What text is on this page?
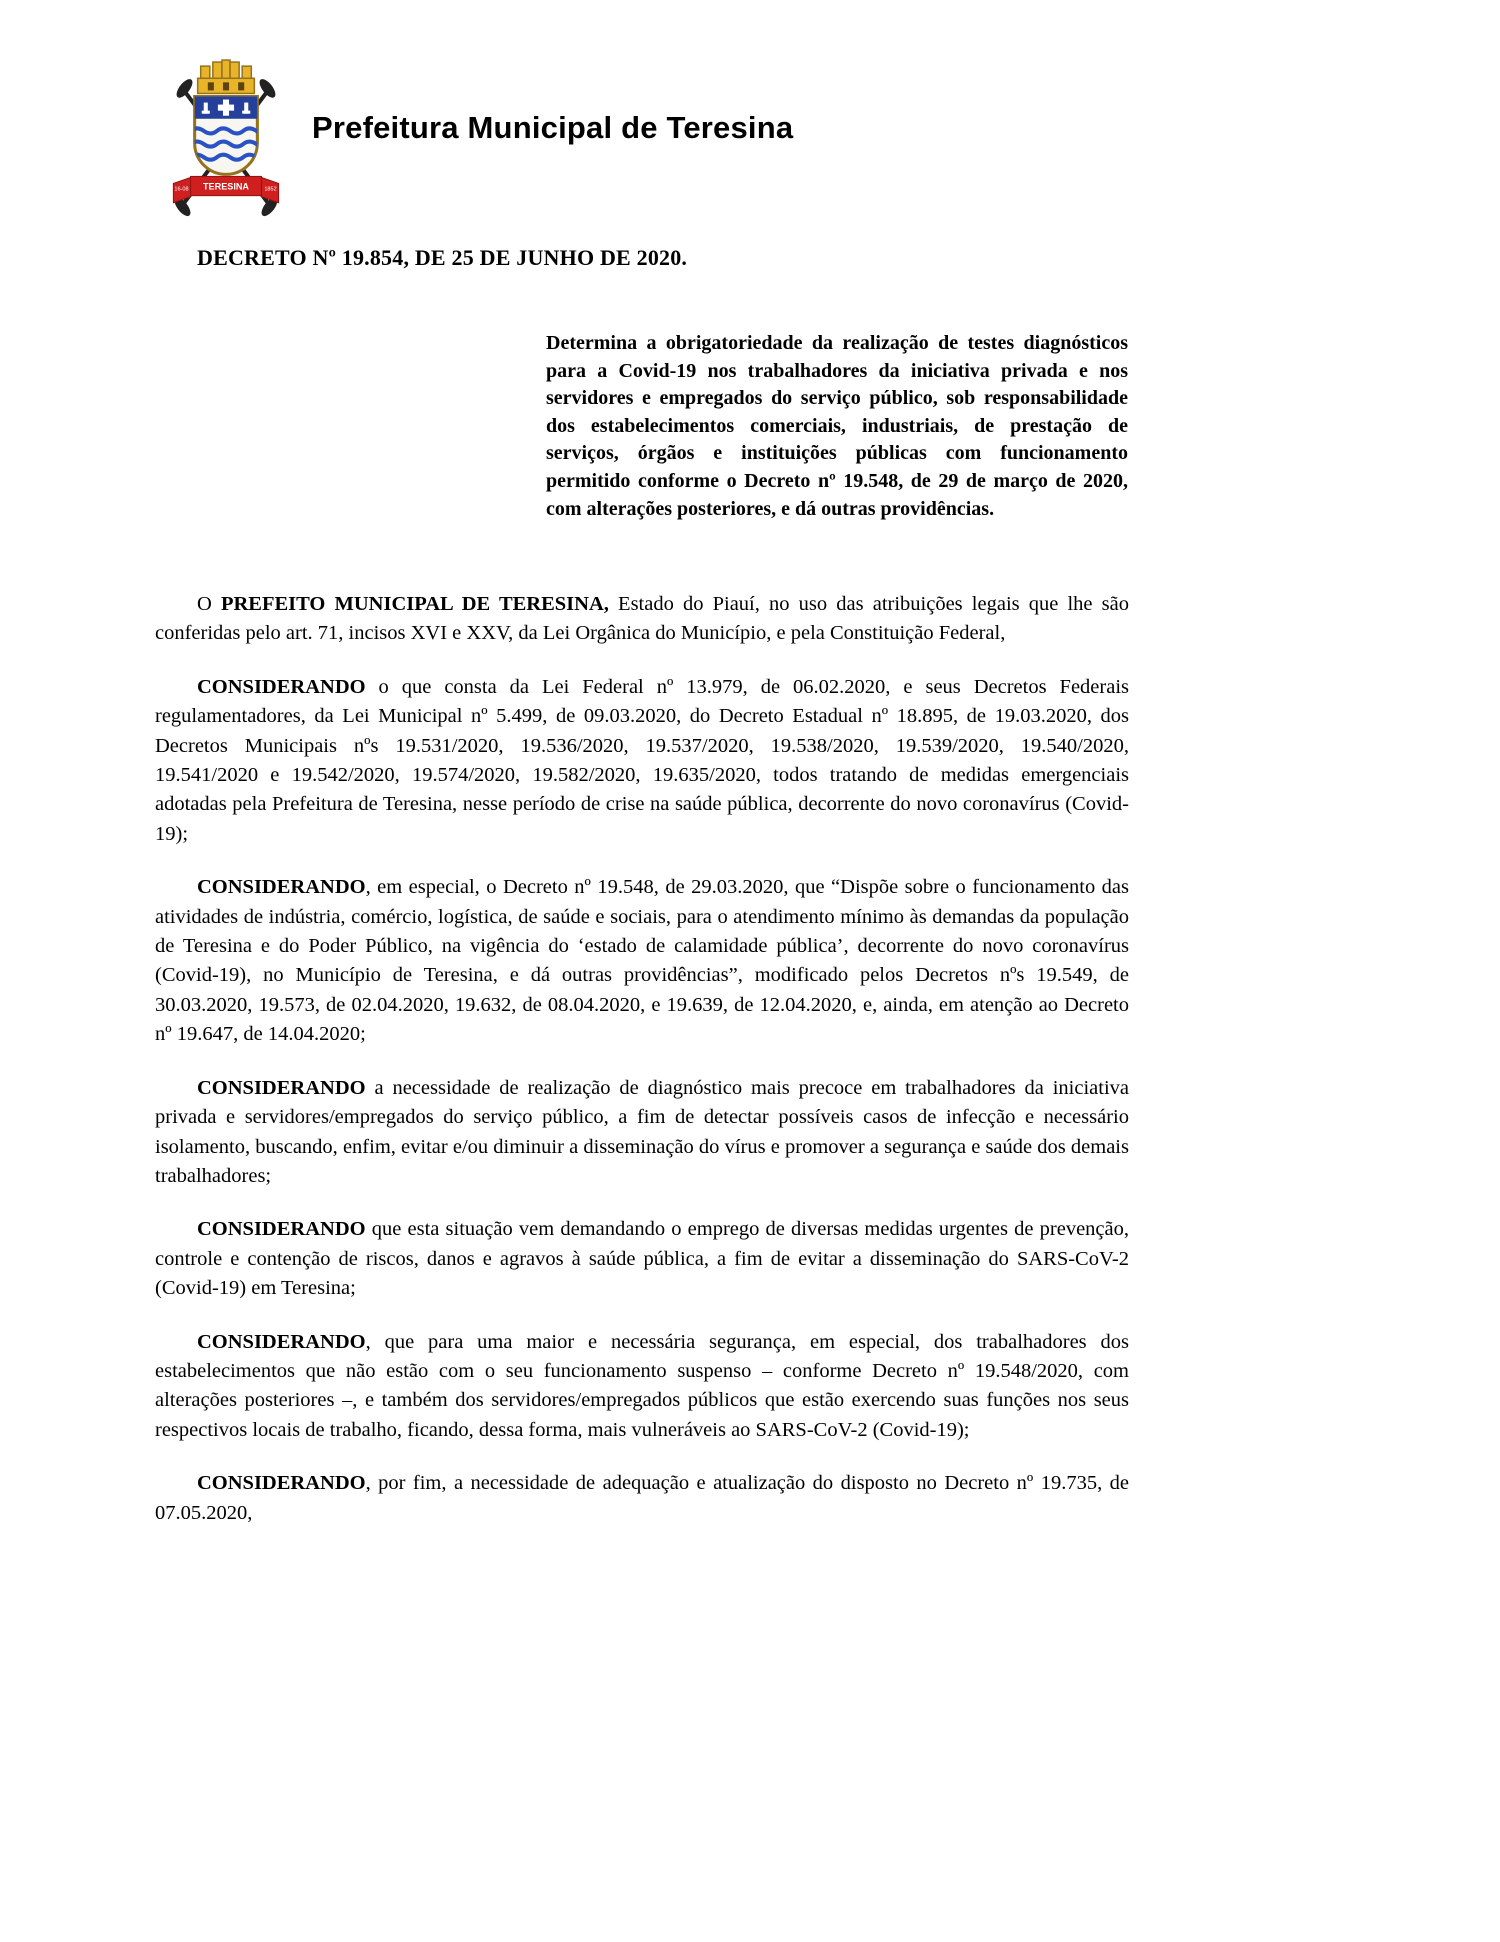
16-08 TERESINA	1852
Prefeitura Municipal de Teresina
DECRETO Nº 19.854, DE 25 DE JUNHO DE 2020.
Determina a obrigatoriedade da realização de testes diagnósticos para a Covid-19 nos trabalhadores da iniciativa privada e nos servidores e empregados do serviço público, sob responsabilidade dos estabelecimentos comerciais, industriais, de prestação de serviços, órgãos e instituições públicas com funcionamento permitido conforme o Decreto nº 19.548, de 29 de março de 2020, com alterações posteriores, e dá outras providências.

O PREFEITO MUNICIPAL DE TERESINA, Estado do Piauí, no uso das atribuições legais que lhe são conferidas pelo art. 71, incisos XVI e XXV, da Lei Orgânica do Município, e pela Constituição Federal,

CONSIDERANDO o que consta da Lei Federal nº 13.979, de 06.02.2020, e seus Decretos Federais regulamentadores, da Lei Municipal nº 5.499, de 09.03.2020, do Decreto Estadual nº 18.895, de 19.03.2020, dos Decretos Municipais nºs 19.531/2020, 19.536/2020, 19.537/2020, 19.538/2020, 19.539/2020, 19.540/2020, 19.541/2020 e 19.542/2020, 19.574/2020, 19.582/2020, 19.635/2020, todos tratando de medidas emergenciais adotadas pela Prefeitura de Teresina, nesse período de crise na saúde pública, decorrente do novo coronavírus (Covid-19);

CONSIDERANDO, em especial, o Decreto nº 19.548, de 29.03.2020, que “Dispõe sobre o funcionamento das atividades de indústria, comércio, logística, de saúde e sociais, para o atendimento mínimo às demandas da população de Teresina e do Poder Público, na vigência do ‘estado de calamidade pública’, decorrente do novo coronavírus (Covid-19), no Município de Teresina, e dá outras providências”, modificado pelos Decretos nºs 19.549, de 30.03.2020, 19.573, de 02.04.2020, 19.632, de 08.04.2020, e 19.639, de 12.04.2020, e, ainda, em atenção ao Decreto nº 19.647, de 14.04.2020;

CONSIDERANDO a necessidade de realização de diagnóstico mais precoce em trabalhadores da iniciativa privada e servidores/empregados do serviço público, a fim de detectar possíveis casos de infecção e necessário isolamento, buscando, enfim, evitar e/ou diminuir a disseminação do vírus e promover a segurança e saúde dos demais trabalhadores;

CONSIDERANDO que esta situação vem demandando o emprego de diversas medidas urgentes de prevenção, controle e contenção de riscos, danos e agravos à saúde pública, a fim de evitar a disseminação do SARS-CoV-2 (Covid-19) em Teresina;

CONSIDERANDO, que para uma maior e necessária segurança, em especial, dos trabalhadores dos estabelecimentos que não estão com o seu funcionamento suspenso – conforme Decreto nº 19.548/2020, com alterações posteriores –, e também dos servidores/empregados públicos que estão exercendo suas funções nos seus respectivos locais de trabalho, ficando, dessa forma, mais vulneráveis ao SARS-CoV-2 (Covid-19);

CONSIDERANDO, por fim, a necessidade de adequação e atualização do disposto no Decreto nº 19.735, de 07.05.2020,
